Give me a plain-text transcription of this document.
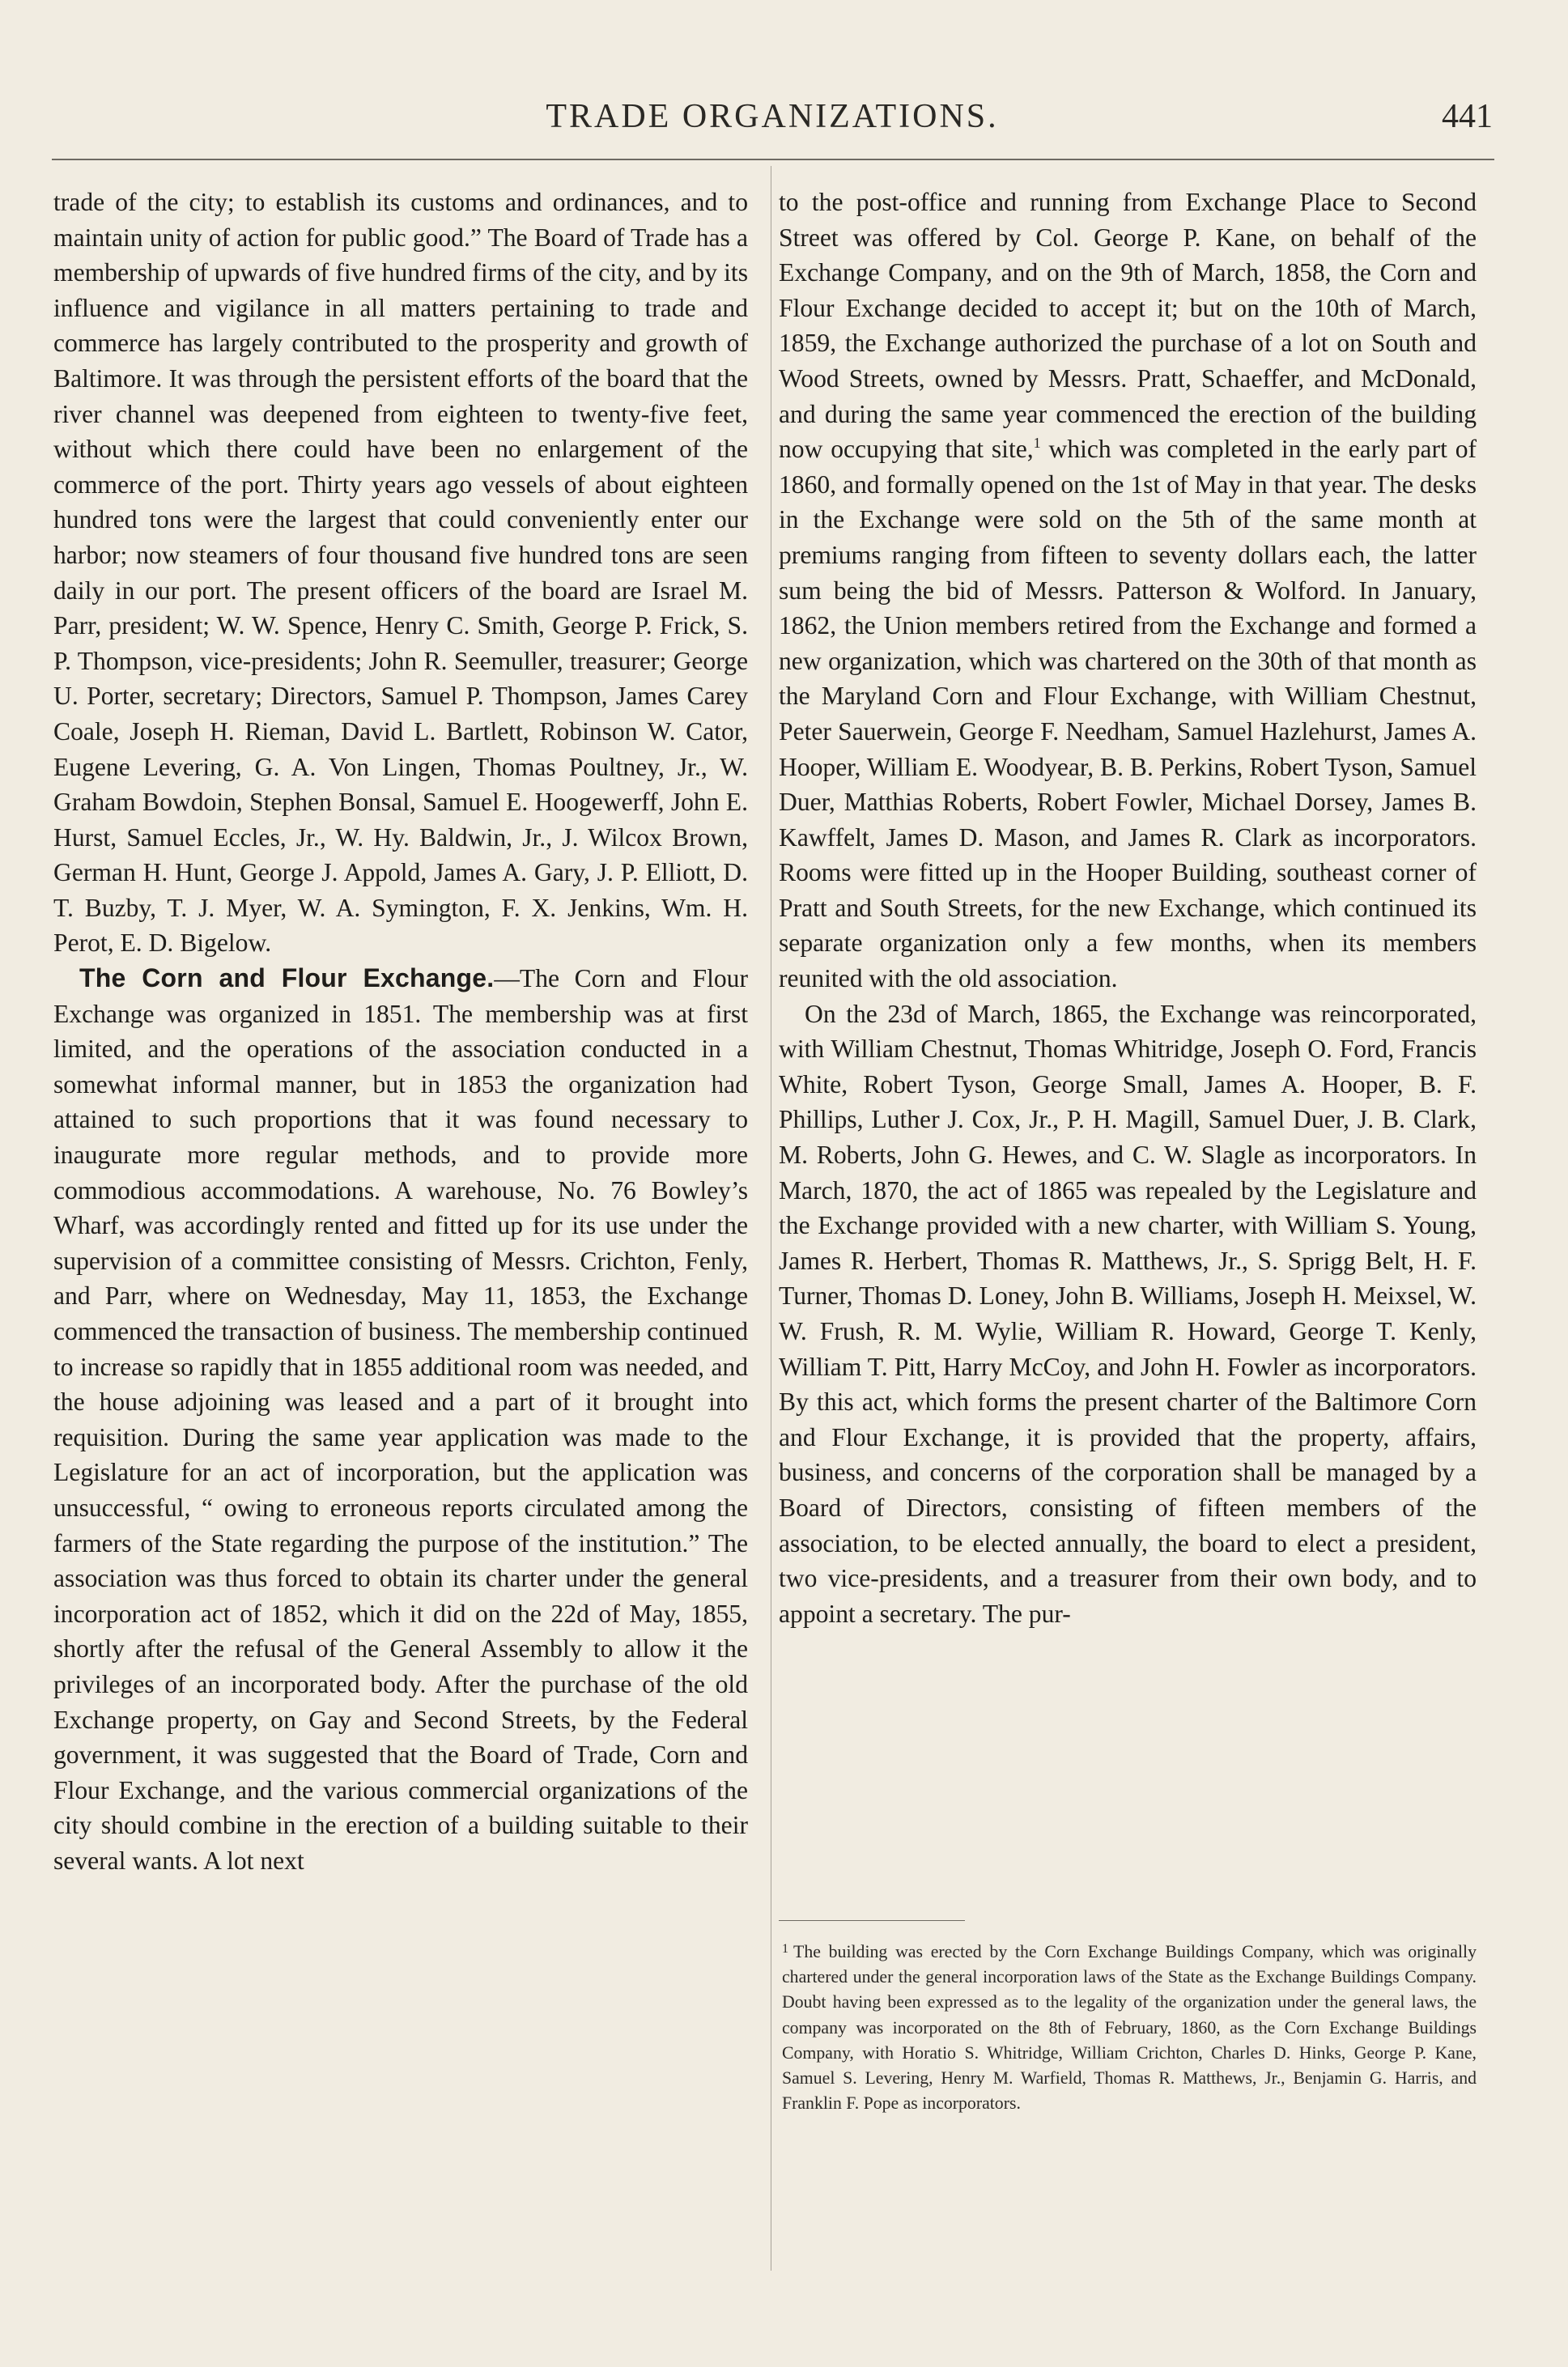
TRADE ORGANIZATIONS.	441

trade of the city; to establish its customs and ordinances, and to maintain unity of action for public good.” The Board of Trade has a membership of upwards of five hundred firms of the city, and by its influence and vigilance in all matters pertaining to trade and commerce has largely contributed to the prosperity and growth of Baltimore. It was through the persistent efforts of the board that the river channel was deepened from eighteen to twenty-five feet, without which there could have been no enlargement of the commerce of the port. Thirty years ago vessels of about eighteen hundred tons were the largest that could conveniently enter our harbor; now steamers of four thousand five hundred tons are seen daily in our port. The present officers of the board are Israel M. Parr, president; W. W. Spence, Henry C. Smith, George P. Frick, S. P. Thompson, vice-presidents; John R. Seemuller, treasurer; George U. Porter, secretary; Directors, Samuel P. Thompson, James Carey Coale, Joseph H. Rieman, David L. Bartlett, Robinson W. Cator, Eugene Levering, G. A. Von Lingen, Thomas Poultney, Jr., W. Graham Bowdoin, Stephen Bonsal, Samuel E. Hoogewerff, John E. Hurst, Samuel Eccles, Jr., W. Hy. Baldwin, Jr., J. Wilcox Brown, German H. Hunt, George J. Appold, James A. Gary, J. P. Elliott, D. T. Buzby, T. J. Myer, W. A. Symington, F. X. Jenkins, Wm. H. Perot, E. D. Bigelow.

The Corn and Flour Exchange.—The Corn and Flour Exchange was organized in 1851. The membership was at first limited, and the operations of the association conducted in a somewhat informal manner, but in 1853 the organization had attained to such proportions that it was found necessary to inaugurate more regular methods, and to provide more commodious accommodations. A warehouse, No. 76 Bowley’s Wharf, was accordingly rented and fitted up for its use under the supervision of a committee consisting of Messrs. Crichton, Fenly, and Parr, where on Wednesday, May 11, 1853, the Exchange commenced the transaction of business. The membership continued to increase so rapidly that in 1855 additional room was needed, and the house adjoining was leased and a part of it brought into requisition. During the same year application was made to the Legislature for an act of incorporation, but the application was unsuccessful, “ owing to erroneous reports circulated among the farmers of the State regarding the purpose of the institution.” The association was thus forced to obtain its charter under the general incorporation act of 1852, which it did on the 22d of May, 1855, shortly after the refusal of the General Assembly to allow it the privileges of an incorporated body. After the purchase of the old Exchange property, on Gay and Second Streets, by the Federal government, it was suggested that the Board of Trade, Corn and Flour Exchange, and the various commercial organizations of the city should combine in the erection of a building suitable to their several wants. A lot next

to the post-office and running from Exchange Place to Second Street was offered by Col. George P. Kane, on behalf of the Exchange Company, and on the 9th of March, 1858, the Corn and Flour Exchange decided to accept it; but on the 10th of March, 1859, the Exchange authorized the purchase of a lot on South and Wood Streets, owned by Messrs. Pratt, Schaeffer, and McDonald, and during the same year commenced the erection of the building now occupying that site,$^1$ which was completed in the early part of 1860, and formally opened on the 1st of May in that year. The desks in the Exchange were sold on the 5th of the same month at premiums ranging from fifteen to seventy dollars each, the latter sum being the bid of Messrs. Patterson & Wolford. In January, 1862, the Union members retired from the Exchange and formed a new organization, which was chartered on the 30th of that month as the Maryland Corn and Flour Exchange, with William Chestnut, Peter Sauerwein, George F. Needham, Samuel Hazlehurst, James A. Hooper, William E. Woodyear, B. B. Perkins, Robert Tyson, Samuel Duer, Matthias Roberts, Robert Fowler, Michael Dorsey, James B. Kawffelt, James D. Mason, and James R. Clark as incorporators. Rooms were fitted up in the Hooper Building, southeast corner of Pratt and South Streets, for the new Exchange, which continued its separate organization only a few months, when its members reunited with the old association.

On the 23d of March, 1865, the Exchange was reincorporated, with William Chestnut, Thomas Whitridge, Joseph O. Ford, Francis White, Robert Tyson, George Small, James A. Hooper, B. F. Phillips, Luther J. Cox, Jr., P. H. Magill, Samuel Duer, J. B. Clark, M. Roberts, John G. Hewes, and C. W. Slagle as incorporators. In March, 1870, the act of 1865 was repealed by the Legislature and the Exchange provided with a new charter, with William S. Young, James R. Herbert, Thomas R. Matthews, Jr., S. Sprigg Belt, H. F. Turner, Thomas D. Loney, John B. Williams, Joseph H. Meixsel, W. W. Frush, R. M. Wylie, William R. Howard, George T. Kenly, William T. Pitt, Harry McCoy, and John H. Fowler as incorporators. By this act, which forms the present charter of the Baltimore Corn and Flour Exchange, it is provided that the property, affairs, business, and concerns of the corporation shall be managed by a Board of Directors, consisting of fifteen members of the association, to be elected annually, the board to elect a president, two vice-presidents, and a treasurer from their own body, and to appoint a secretary. The pur-

$^1$ The building was erected by the Corn Exchange Buildings Company, which was originally chartered under the general incorporation laws of the State as the Exchange Buildings Company. Doubt having been expressed as to the legality of the organization under the general laws, the company was incorporated on the 8th of February, 1860, as the Corn Exchange Buildings Company, with Horatio S. Whitridge, William Crichton, Charles D. Hinks, George P. Kane, Samuel S. Levering, Henry M. Warfield, Thomas R. Matthews, Jr., Benjamin G. Harris, and Franklin F. Pope as incorporators.
